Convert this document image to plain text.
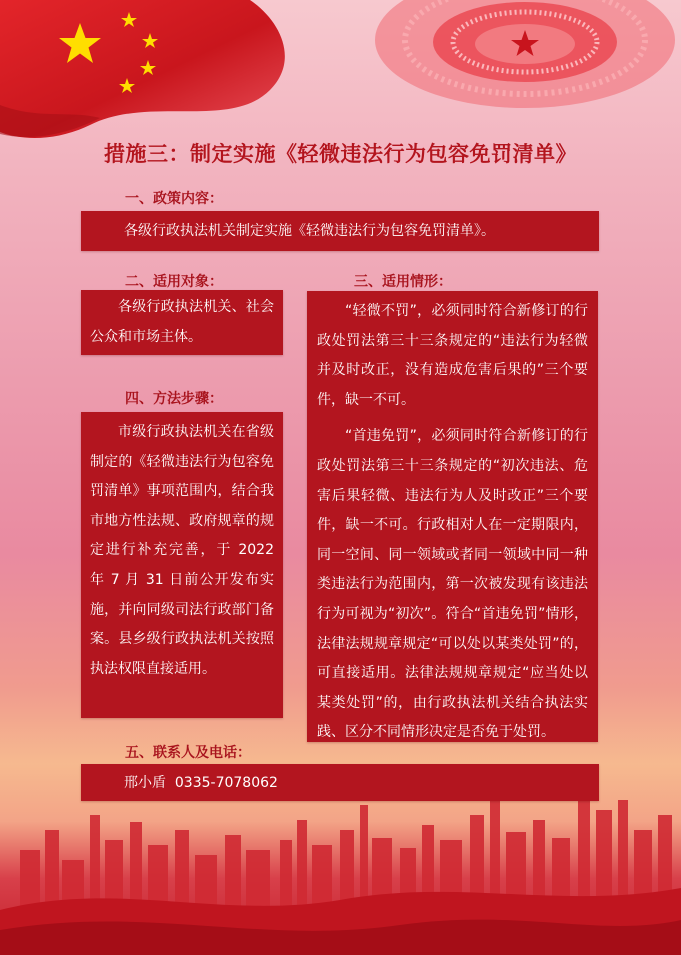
措施三：制定实施《轻微违法行为包容免罚清单》
一、政策内容：
各级行政执法机关制定实施《轻微违法行为包容免罚清单》。
二、适用对象：

各级行政执法机关、社会公众和市场主体。

三、适用情形：

“轻微不罚”，必须同时符合新修订的行政处罚法第三十三条规定的“违法行为轻微并及时改正，没有造成危害后果的”三个要件，缺一不可。

“首违免罚”，必须同时符合新修订的行政处罚法第三十三条规定的“初次违法、危害后果轻微、违法行为人及时改正”三个要件，缺一不可。行政相对人在一定期限内，同一空间、同一领域或者同一领域中同一种类违法行为范围内，第一次被发现有该违法行为可视为“初次”。符合“首违免罚”情形，法律法规规章规定“可以处以某类处罚”的，可直接适用。法律法规规章规定“应当处以某类处罚”的，由行政执法机关结合执法实践、区分不同情形决定是否免于处罚。

四、方法步骤：

市级行政执法机关在省级制定的《轻微违法行为包容免罚清单》事项范围内，结合我市地方性法规、政府规章的规定进行补充完善，于 2022 年 7 月 31 日前公开发布实施，并向同级司法行政部门备案。县乡级行政执法机关按照执法权限直接适用。

五、联系人及电话：
邢小盾  0335-7078062
